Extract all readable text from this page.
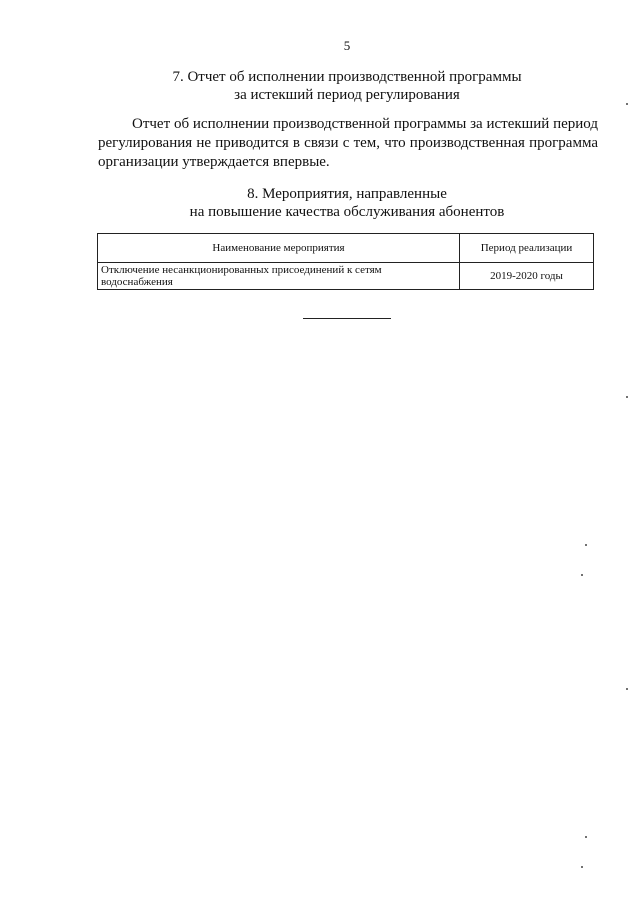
5
7. Отчет об исполнении производственной программы
за истекший период регулирования

Отчет об исполнении производственной программы за истекший период регулирования не приводится в связи с тем, что производственная программа организации утверждается впервые.

8. Мероприятия, направленные
на повышение качества обслуживания абонентов
Наименование мероприятия	Период реализации
Отключение несанкционированных присоединений к сетям водоснабжения	2019-2020 годы
